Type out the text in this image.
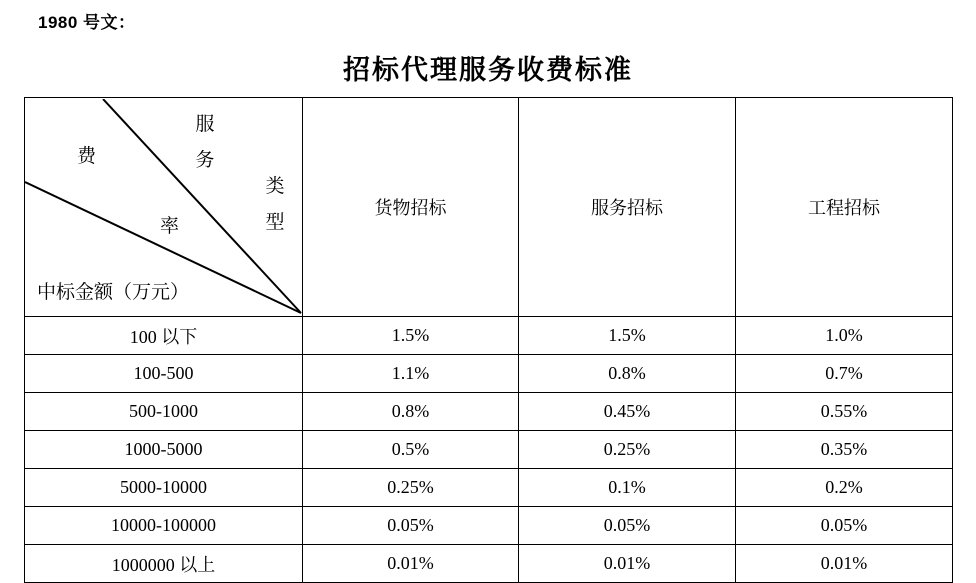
1980 号文：
招标代理服务收费标准
费
率
服
务
类
型
中标金额（万元）
	货物招标	服务招标	工程招标
100 以下	1.5%	1.5%	1.0%
100-500	1.1%	0.8%	0.7%
500-1000	0.8%	0.45%	0.55%
1000-5000	0.5%	0.25%	0.35%
5000-10000	0.25%	0.1%	0.2%
10000-100000	0.05%	0.05%	0.05%
1000000 以上	0.01%	0.01%	0.01%
